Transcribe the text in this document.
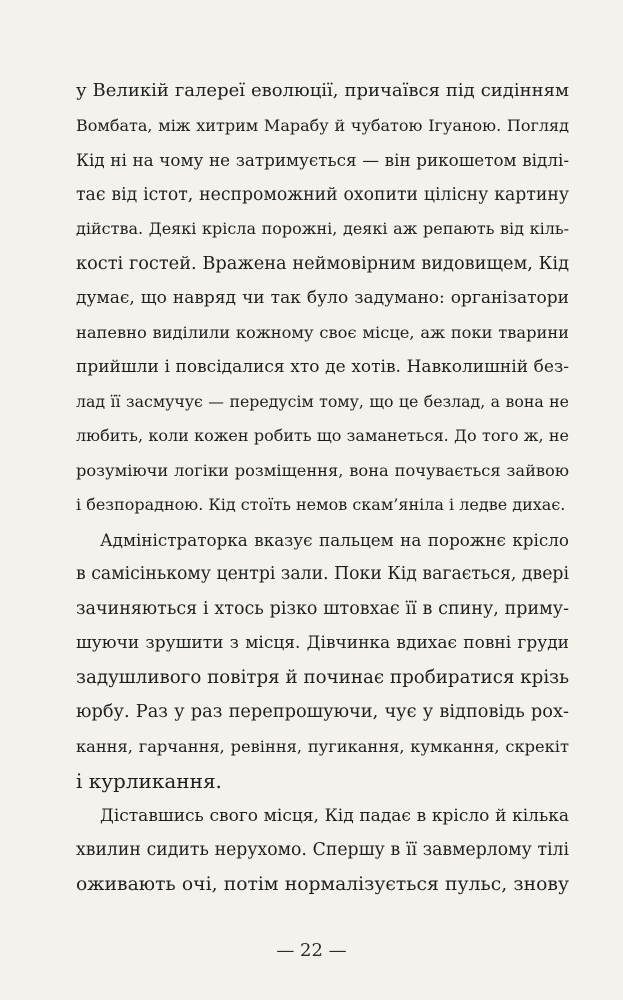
у Великій галереї еволюції, причаївся під сидінням
Вомбата, між хитрим Марабу й чубатою Ігуаною. Погляд
Кід ні на чому не затримується — він рикошетом відлі-
тає від істот, неспроможний охопити цілісну картину
дійства. Деякі крісла порожні, деякі аж репають від кіль-
кості гостей. Вражена неймовірним видовищем, Кід
думає, що навряд чи так було задумано: організатори
напевно виділили кожному своє місце, аж поки тварини
прийшли і повсідалися хто де хотів. Навколишній без-
лад її засмучує — передусім тому, що це безлад, а вона не
любить, коли кожен робить що заманеться. До того ж, не
розуміючи логіки розміщення, вона почувається зайвою
і безпорадною. Кід стоїть немов скам’яніла і ледве дихає.
Адміністраторка вказує пальцем на порожнє крісло
в самісінькому центрі зали. Поки Кід вагається, двері
зачиняються і хтось різко штовхає її в спину, приму-
шуючи зрушити з місця. Дівчинка вдихає повні груди
задушливого повітря й починає пробиратися крізь
юрбу. Раз у раз перепрошуючи, чує у відповідь рох-
кання, гарчання, ревіння, пугикання, кумкання, скрекіт
і курликання.
Діставшись свого місця, Кід падає в крісло й кілька
хвилин сидить нерухомо. Спершу в її завмерлому тілі
оживають очі, потім нормалізується пульс, знову
— 22 —
